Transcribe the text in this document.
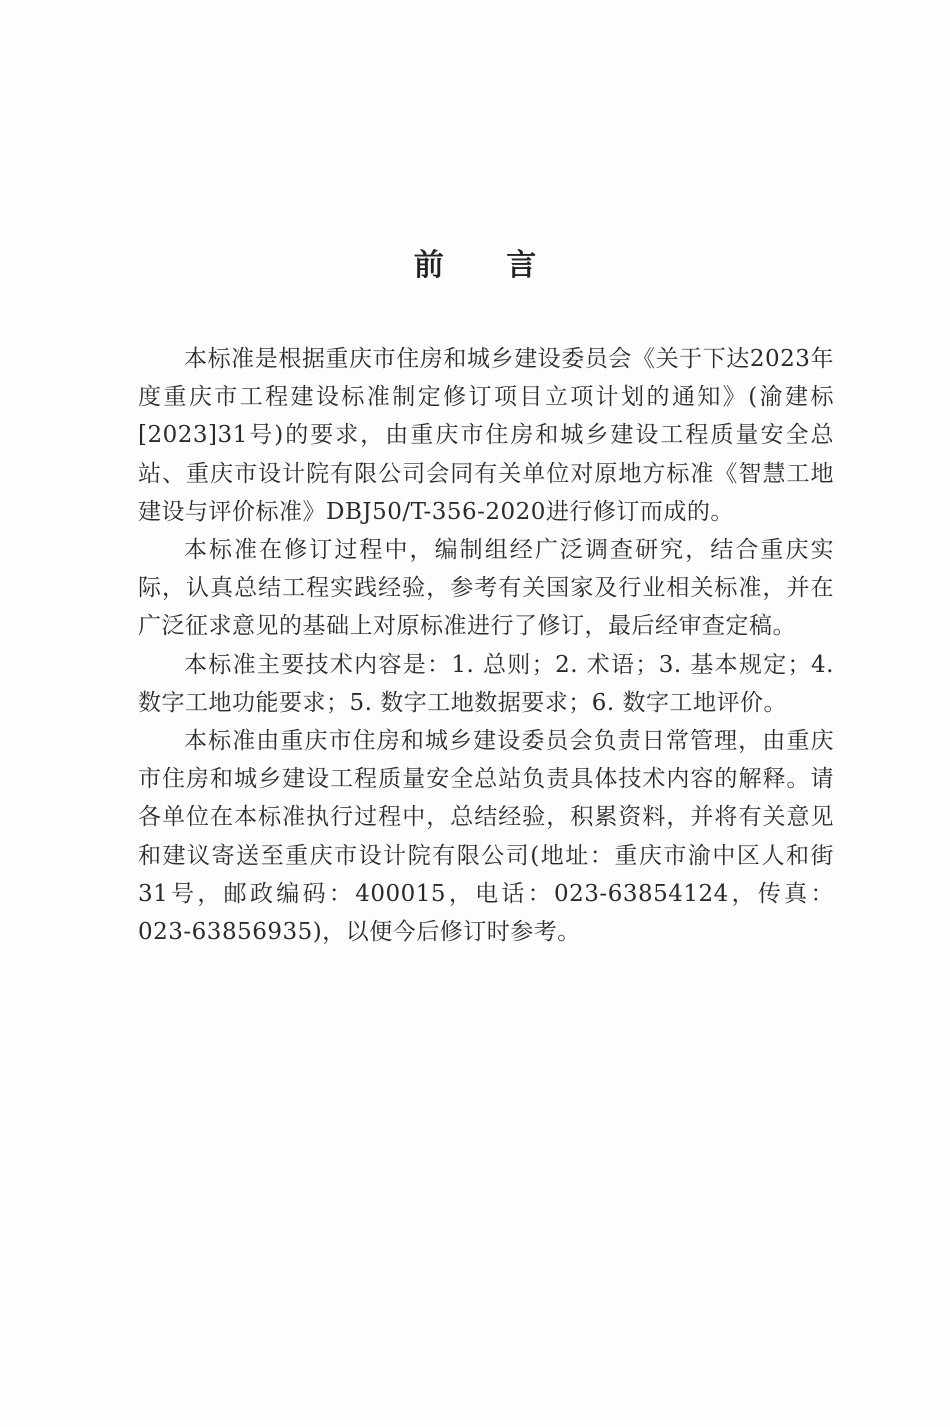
前 言

本标准是根据重庆市住房和城乡建设委员会《关于下达2023年度重庆市工程建设标准制定修订项目立项计划的通知》(渝建标[2023]31号)的要求，由重庆市住房和城乡建设工程质量安全总站、重庆市设计院有限公司会同有关单位对原地方标准《智慧工地建设与评价标准》DBJ50/T-356-2020进行修订而成的。

本标准在修订过程中，编制组经广泛调查研究，结合重庆实际，认真总结工程实践经验，参考有关国家及行业相关标准，并在广泛征求意见的基础上对原标准进行了修订，最后经审查定稿。

本标准主要技术内容是：1. 总则；2. 术语；3. 基本规定；4. 数字工地功能要求；5. 数字工地数据要求；6. 数字工地评价。

本标准由重庆市住房和城乡建设委员会负责日常管理，由重庆市住房和城乡建设工程质量安全总站负责具体技术内容的解释。请各单位在本标准执行过程中，总结经验，积累资料，并将有关意见和建议寄送至重庆市设计院有限公司(地址：重庆市渝中区人和街31号，邮政编码：400015，电话：023-63854124，传真：023-63856935)，以便今后修订时参考。
